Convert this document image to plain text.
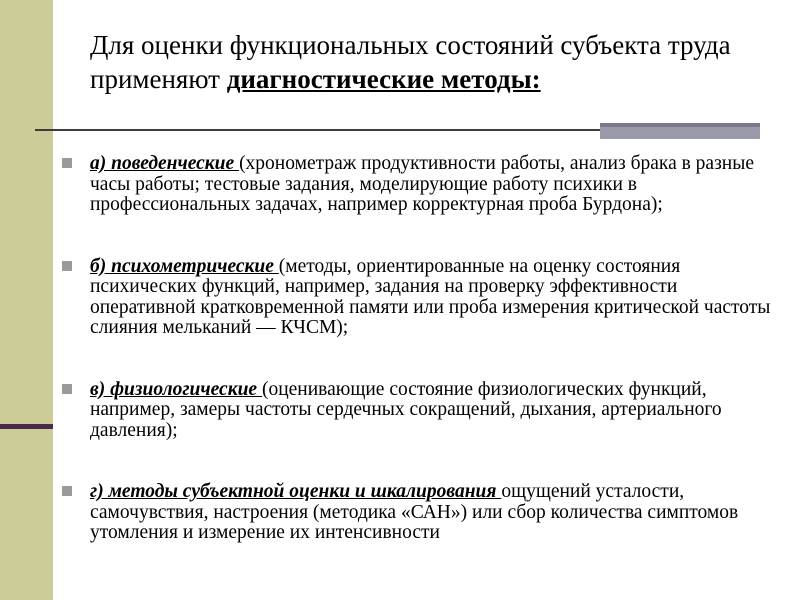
Для оценки функциональных состояний субъекта труда
применяют диагностические методы:
а) поведенческие (хронометраж продуктивности работы, анализ брака в разные часы работы; тестовые задания, моделирующие работу психики в профессиональных задачах, например корректурная проба Бурдона);
б) психометрические (методы, ориентированные на оценку состояния психических функций, например, задания на проверку эффективности оперативной кратковременной памяти или проба измерения критической частоты слияния мельканий — КЧСМ);
в) физиологические (оценивающие состояние физиологических функций, например, замеры частоты сердечных сокращений, дыхания, артериального давления);
г) методы субъектной оценки и шкалирования ощущений усталости, самочувствия, настроения (методика «САН») или сбор количества симптомов утомления и измерение их интенсивности
